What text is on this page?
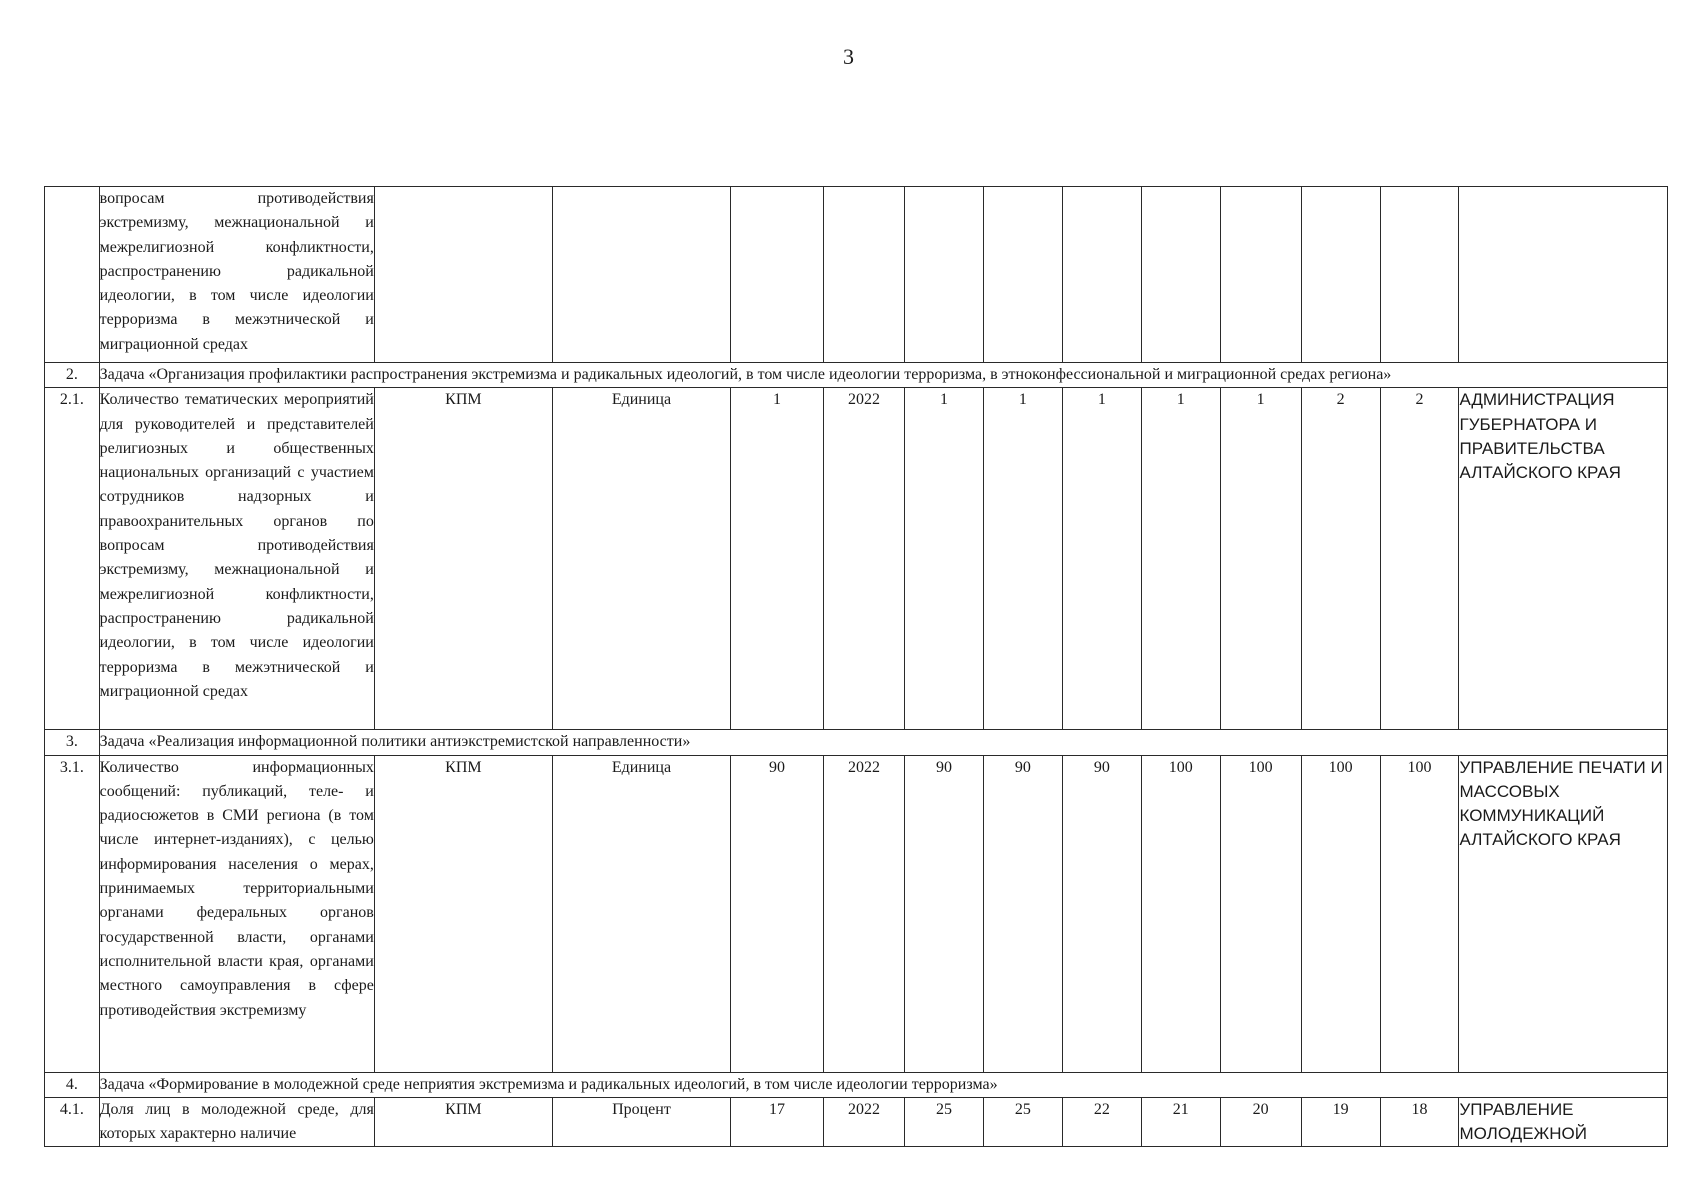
3
	вопросам противодействия экстремизму, межнациональной и межрелигиозной конфликтности, распространению радикальной идеологии, в том числе идеологии терроризма в межэтнической и миграционной средах												
2.	Задача «Организация профилактики распространения экстремизма и радикальных идеологий, в том числе идеологии терроризма, в этноконфессиональной и миграционной средах региона»												
2.1.	Количество тематических мероприятий для руководителей и представителей религиозных и общественных национальных организаций с участием сотрудников надзорных и правоохранительных органов по вопросам противодействия экстремизму, межнациональной и межрелигиозной конфликтности, распространению радикальной идеологии, в том числе идеологии терроризма в межэтнической и миграционной средах	КПМ	Единица	1	2022	1	1	1	1	1	2	2	АДМИНИСТРАЦИЯ ГУБЕРНАТОРА И ПРАВИТЕЛЬСТВА АЛТАЙСКОГО КРАЯ
3.	Задача «Реализация информационной политики антиэкстремистской направленности»												
3.1.	Количество информационных сообщений: публикаций, теле- и радиосюжетов в СМИ региона (в том числе интернет-изданиях), с целью информирования населения о мерах, принимаемых территориальными органами федеральных органов государственной власти, органами исполнительной власти края, органами местного самоуправления в сфере противодействия экстремизму	КПМ	Единица	90	2022	90	90	90	100	100	100	100	УПРАВЛЕНИЕ ПЕЧАТИ И МАССОВЫХ КОММУНИКАЦИЙ АЛТАЙСКОГО КРАЯ
4.	Задача «Формирование в молодежной среде неприятия экстремизма и радикальных идеологий, в том числе идеологии терроризма»												
4.1.	Доля лиц в молодежной среде, для которых характерно наличие	КПМ	Процент	17	2022	25	25	22	21	20	19	18	УПРАВЛЕНИЕ МОЛОДЕЖНОЙ
